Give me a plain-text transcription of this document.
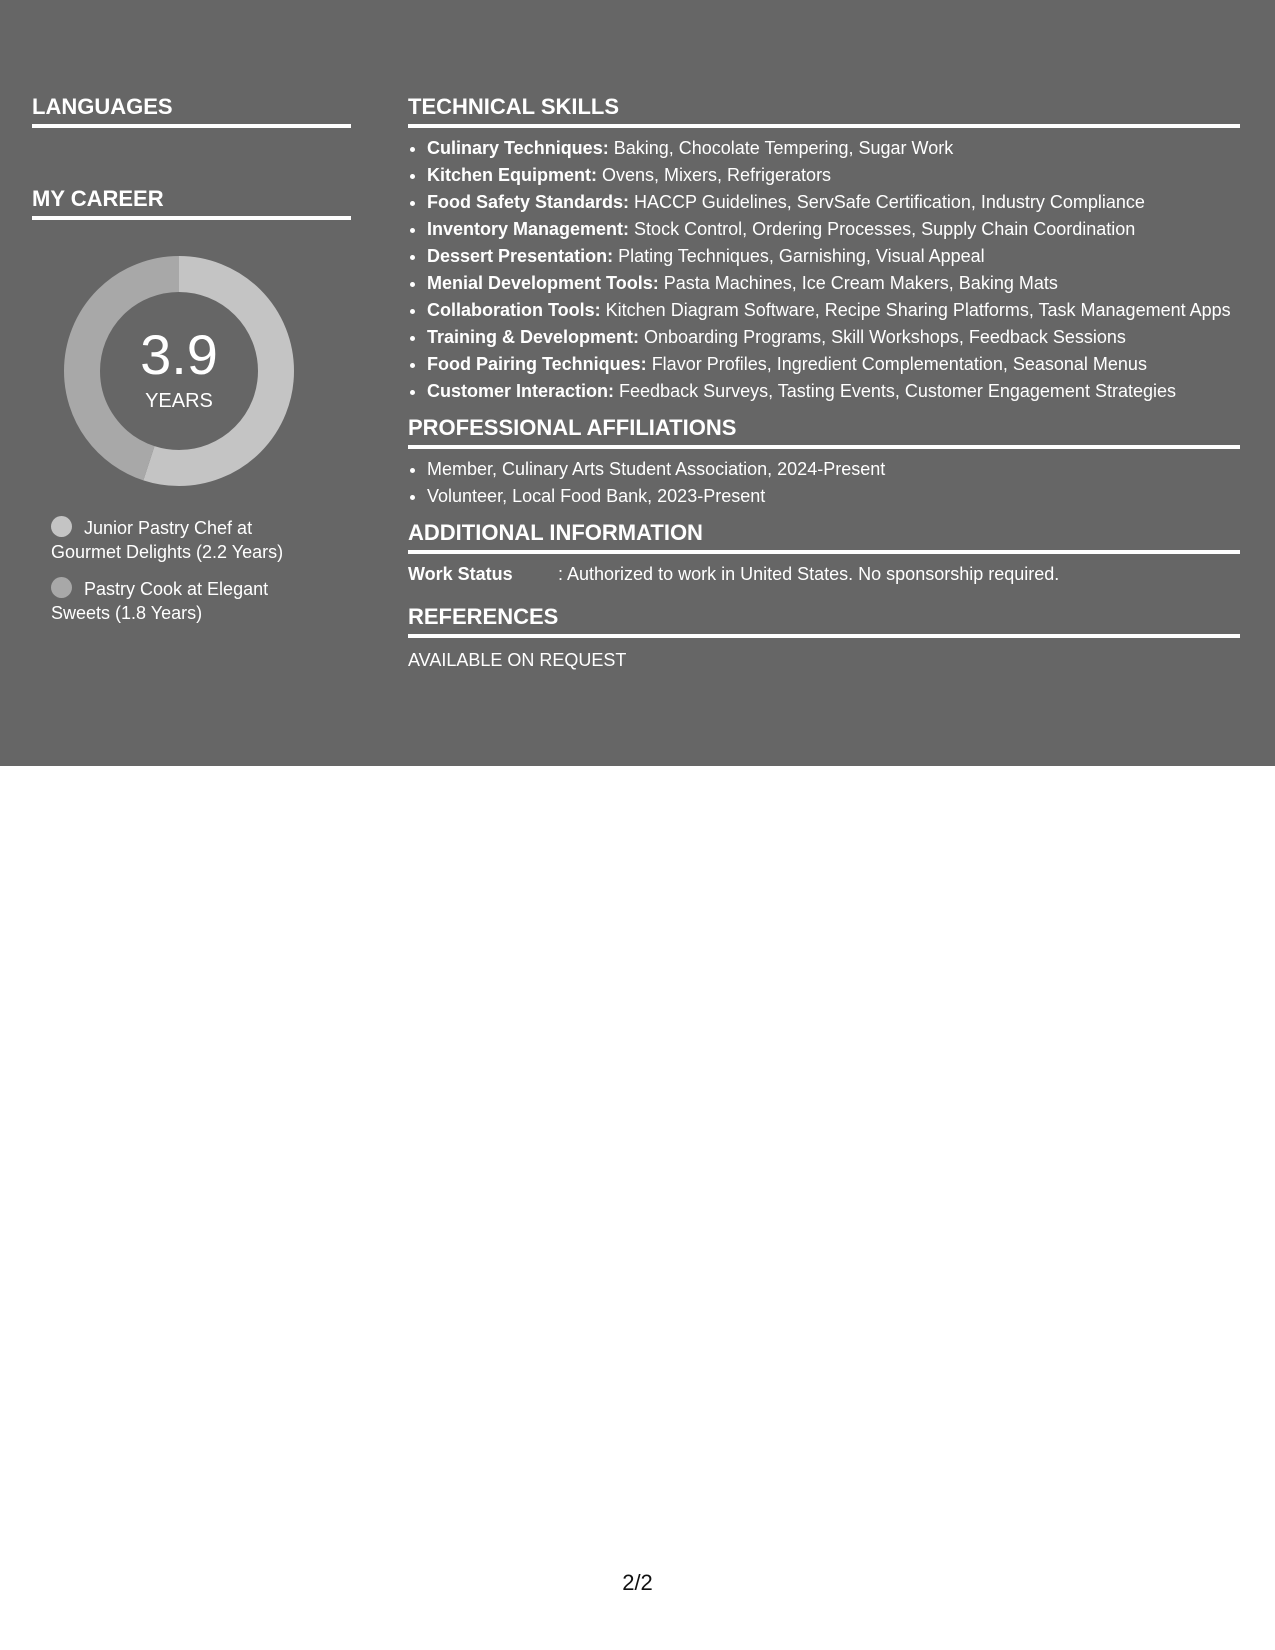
LANGUAGES
MY CAREER
3.9
YEARS
Junior Pastry Chef at Gourmet Delights (2.2 Years)
Pastry Cook at Elegant Sweets (1.8 Years)
TECHNICAL SKILLS
• Culinary Techniques: Baking, Chocolate Tempering, Sugar Work
• Kitchen Equipment: Ovens, Mixers, Refrigerators
• Food Safety Standards: HACCP Guidelines, ServSafe Certification, Industry Compliance
• Inventory Management: Stock Control, Ordering Processes, Supply Chain Coordination
• Dessert Presentation: Plating Techniques, Garnishing, Visual Appeal
• Menial Development Tools: Pasta Machines, Ice Cream Makers, Baking Mats
• Collaboration Tools: Kitchen Diagram Software, Recipe Sharing Platforms, Task Management Apps
• Training & Development: Onboarding Programs, Skill Workshops, Feedback Sessions
• Food Pairing Techniques: Flavor Profiles, Ingredient Complementation, Seasonal Menus
• Customer Interaction: Feedback Surveys, Tasting Events, Customer Engagement Strategies
PROFESSIONAL AFFILIATIONS
• Member, Culinary Arts Student Association, 2024-Present
• Volunteer, Local Food Bank, 2023-Present
ADDITIONAL INFORMATION
Work Status	: Authorized to work in United States. No sponsorship required.
REFERENCES
AVAILABLE ON REQUEST
2/2
